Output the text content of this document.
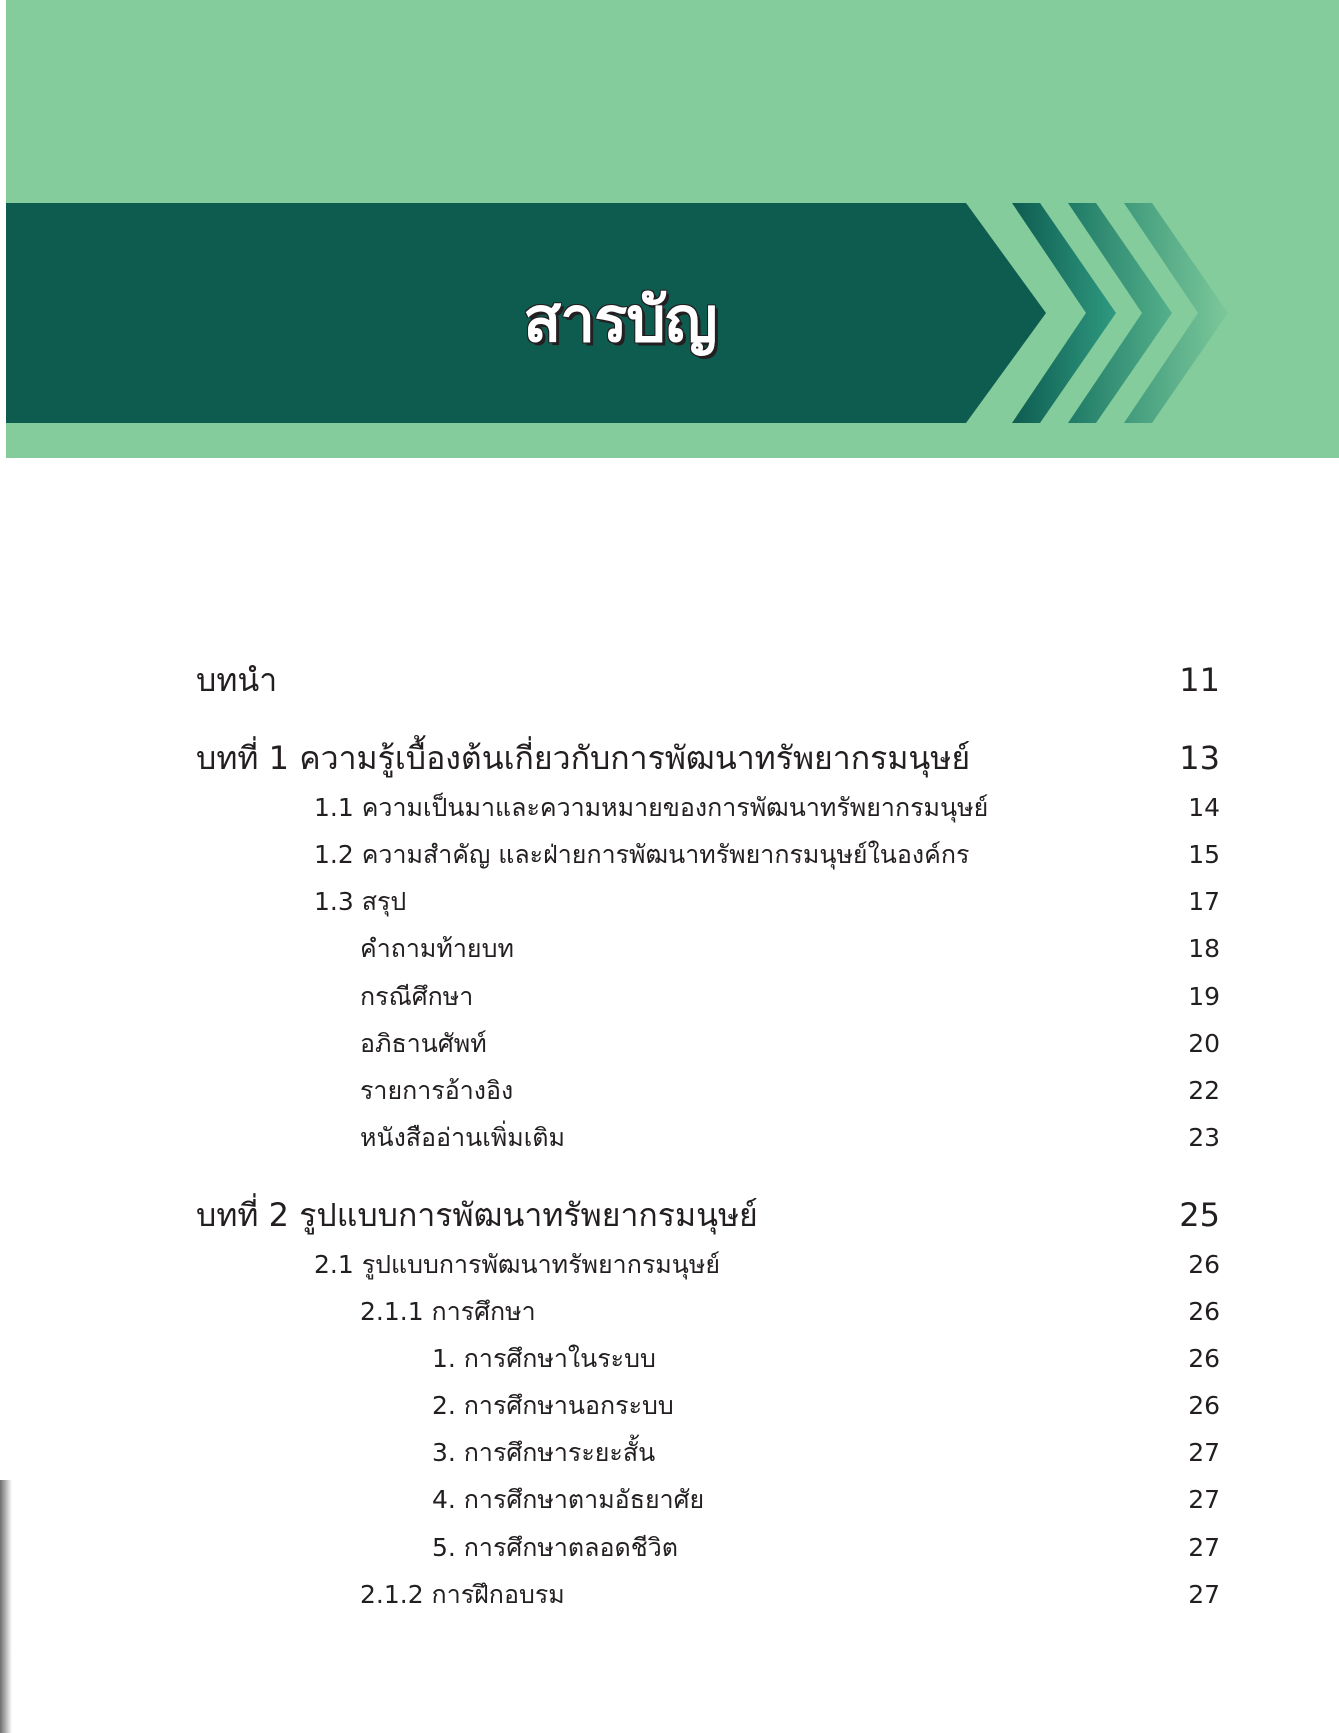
สารบัญ
บทนำ	11
บทที่ 1 ความรู้เบื้องต้นเกี่ยวกับการพัฒนาทรัพยากรมนุษย์	13
1.1 ความเป็นมาและความหมายของการพัฒนาทรัพยากรมนุษย์	14
1.2 ความสำคัญ และฝ่ายการพัฒนาทรัพยากรมนุษย์ในองค์กร	15
1.3 สรุป	17
คำถามท้ายบท	18
กรณีศึกษา	19
อภิธานศัพท์	20
รายการอ้างอิง	22
หนังสืออ่านเพิ่มเติม	23
บทที่ 2 รูปแบบการพัฒนาทรัพยากรมนุษย์	25
2.1 รูปแบบการพัฒนาทรัพยากรมนุษย์	26
2.1.1 การศึกษา	26
1. การศึกษาในระบบ	26
2. การศึกษานอกระบบ	26
3. การศึกษาระยะสั้น	27
4. การศึกษาตามอัธยาศัย	27
5. การศึกษาตลอดชีวิต	27
2.1.2 การฝึกอบรม	27
